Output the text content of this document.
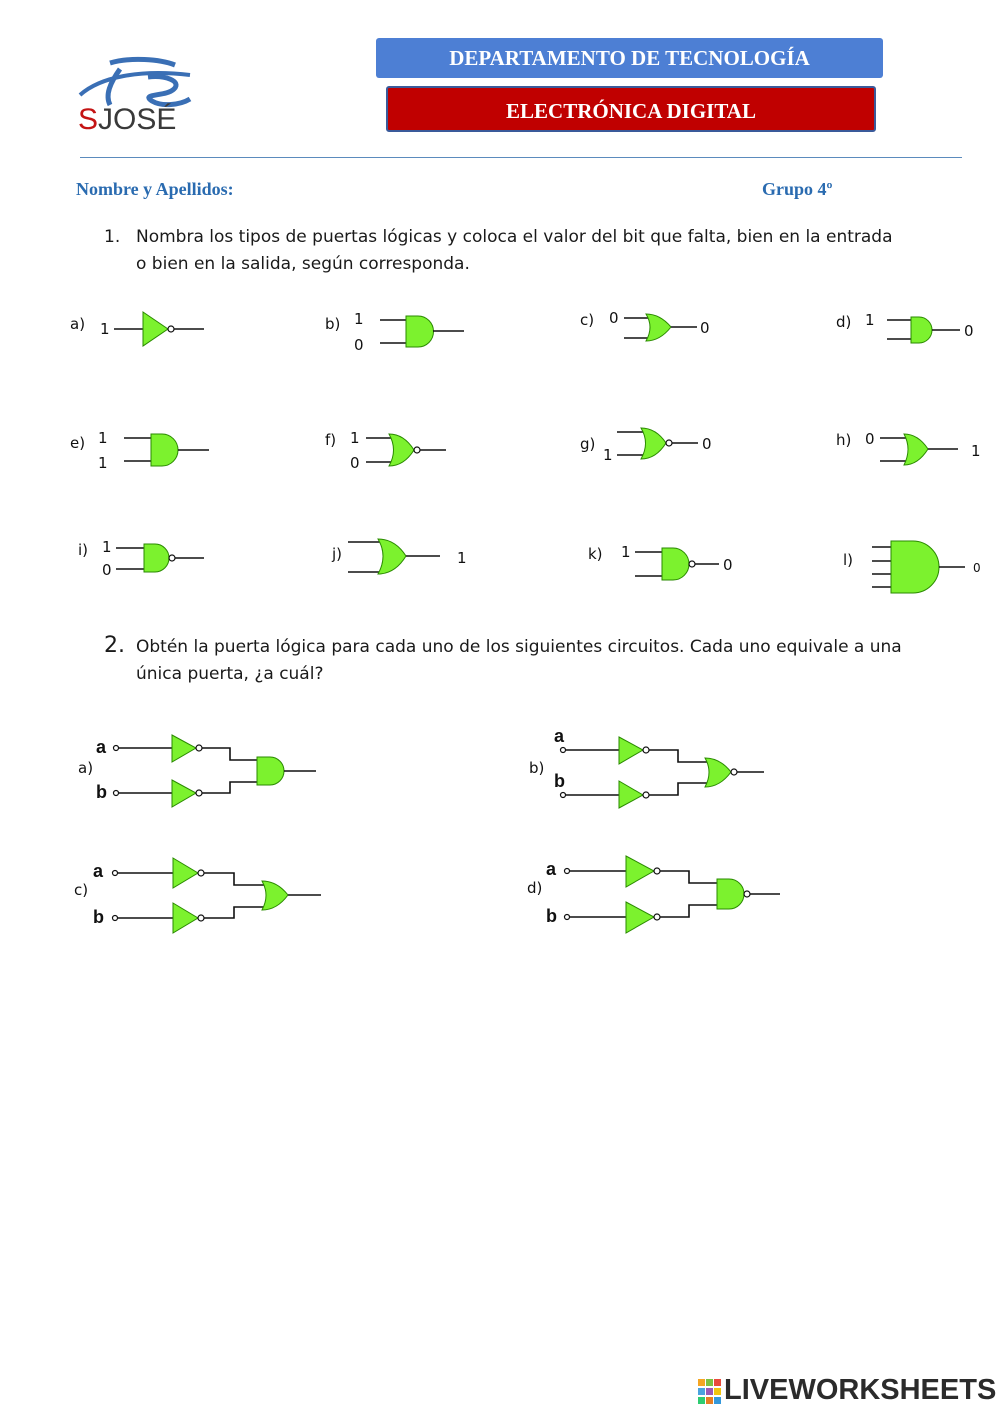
SJOSÉ
DEPARTAMENTO DE TECNOLOGÍA
ELECTRÓNICA DIGITAL
Nombre y Apellidos:	Grupo 4º
1. Nombra los tipos de puertas lógicas y coloca el valor del bit que falta, bien en la entrada
o bien en la salida, según corresponda.
2. Obtén la puerta lógica para cada uno de los siguientes circuitos. Cada uno equivale a una
única puerta, ¿a cuál?
a) 1	b) 1
0
c) 0
0	d) 1
0
e) 1
1
f) 1
0
g)
1
0	h) 0
1
i) 1
0
j)	1	k) 1
0	l)	0
a)
a
b
b)
a
b
c)
a
b
d)
a
b
LIVEWORKSHEETS
